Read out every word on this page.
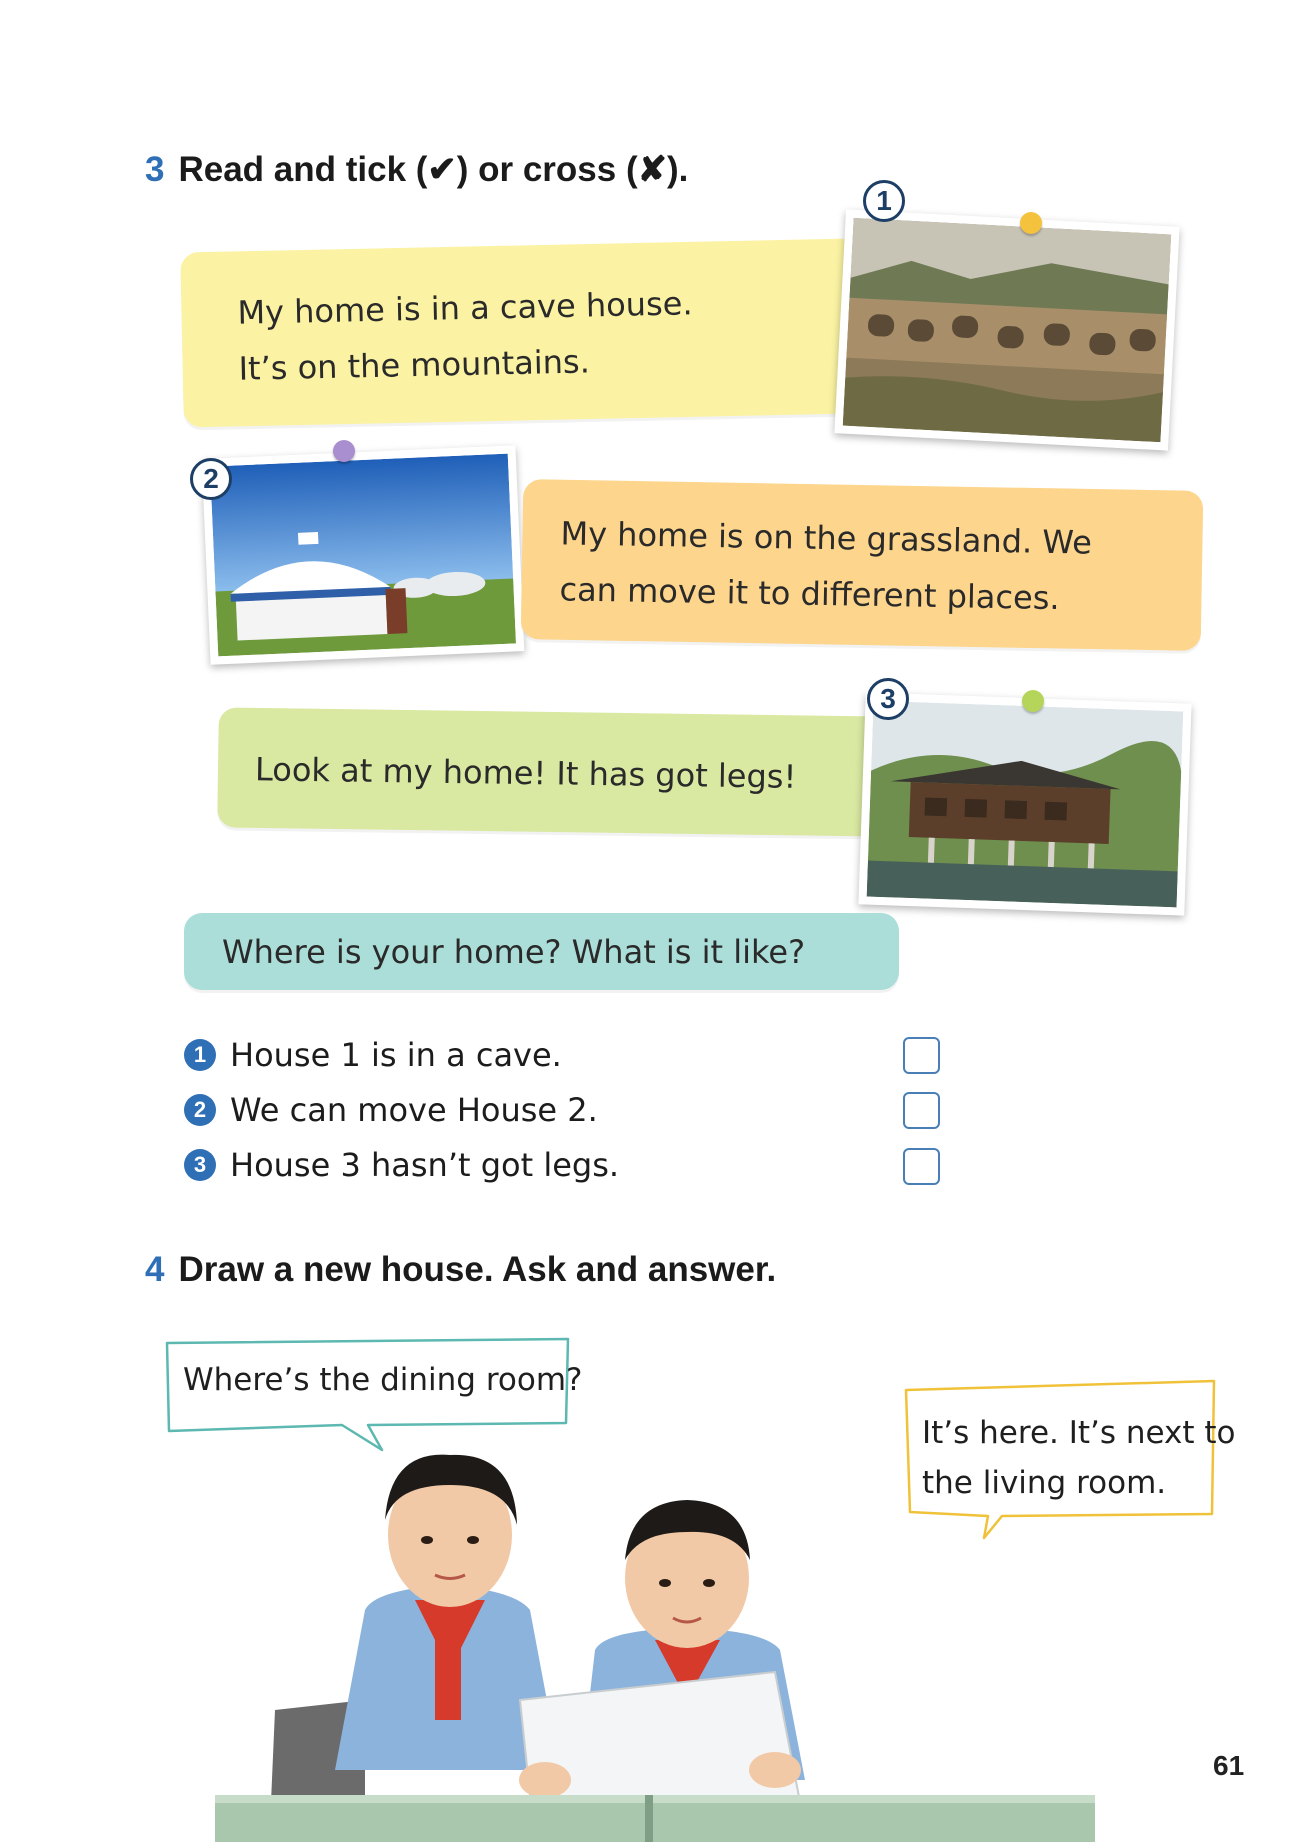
3 Read and tick (✔) or cross (✘).
My home is in a cave house.
It’s on the mountains.
1
2
My home is on the grassland. We
can move it to different places.
Look at my home! It has got legs!
3
Where is your home? What is it like?
1 House 1 is in a cave.
2 We can move House 2.
3 House 3 hasn’t got legs.
4 Draw a new house. Ask and answer.
Where’s the dining room?
It’s here. It’s next to
the living room.
61
